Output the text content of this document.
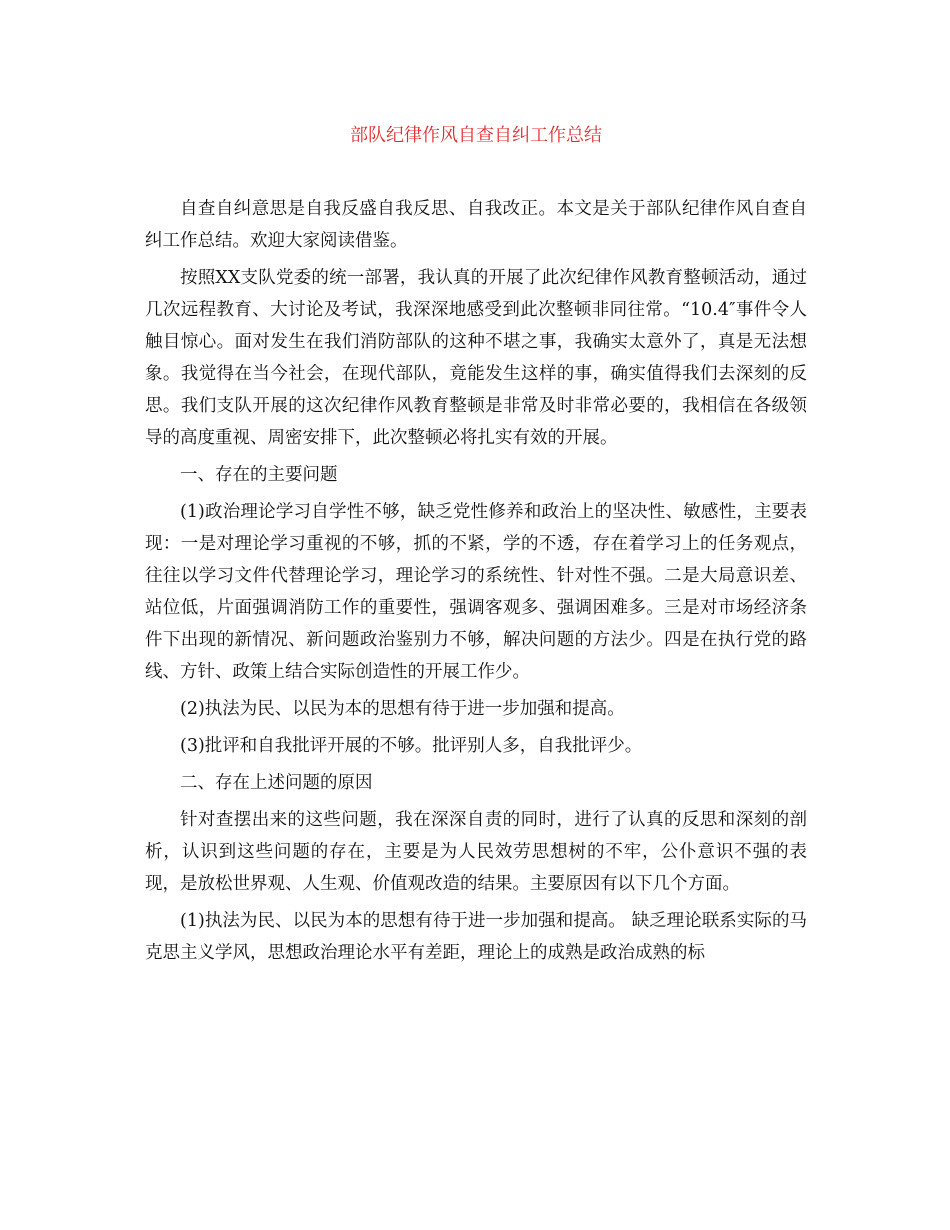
部队纪律作风自查自纠工作总结

自查自纠意思是自我反盛自我反思、自我改正。本文是关于部队纪律作风自查自纠工作总结。欢迎大家阅读借鉴。

按照XX支队党委的统一部署，我认真的开展了此次纪律作风教育整顿活动，通过几次远程教育、大讨论及考试，我深深地感受到此次整顿非同往常。“10.4″事件令人触目惊心。面对发生在我们消防部队的这种不堪之事，我确实太意外了，真是无法想象。我觉得在当今社会，在现代部队，竟能发生这样的事，确实值得我们去深刻的反思。我们支队开展的这次纪律作风教育整顿是非常及时非常必要的，我相信在各级领导的高度重视、周密安排下，此次整顿必将扎实有效的开展。

一、存在的主要问题

(1)政治理论学习自学性不够，缺乏党性修养和政治上的坚决性、敏感性，主要表现：一是对理论学习重视的不够，抓的不紧，学的不透，存在着学习上的任务观点，往往以学习文件代替理论学习，理论学习的系统性、针对性不强。二是大局意识差、站位低，片面强调消防工作的重要性，强调客观多、强调困难多。三是对市场经济条件下出现的新情况、新问题政治鉴别力不够，解决问题的方法少。四是在执行党的路线、方针、政策上结合实际创造性的开展工作少。

(2)执法为民、以民为本的思想有待于进一步加强和提高。

(3)批评和自我批评开展的不够。批评别人多，自我批评少。

二、存在上述问题的原因

针对查摆出来的这些问题，我在深深自责的同时，进行了认真的反思和深刻的剖析，认识到这些问题的存在，主要是为人民效劳思想树的不牢，公仆意识不强的表现，是放松世界观、人生观、价值观改造的结果。主要原因有以下几个方面。

(1)执法为民、以民为本的思想有待于进一步加强和提高。 缺乏理论联系实际的马克思主义学风，思想政治理论水平有差距，理论上的成熟是政治成熟的标
